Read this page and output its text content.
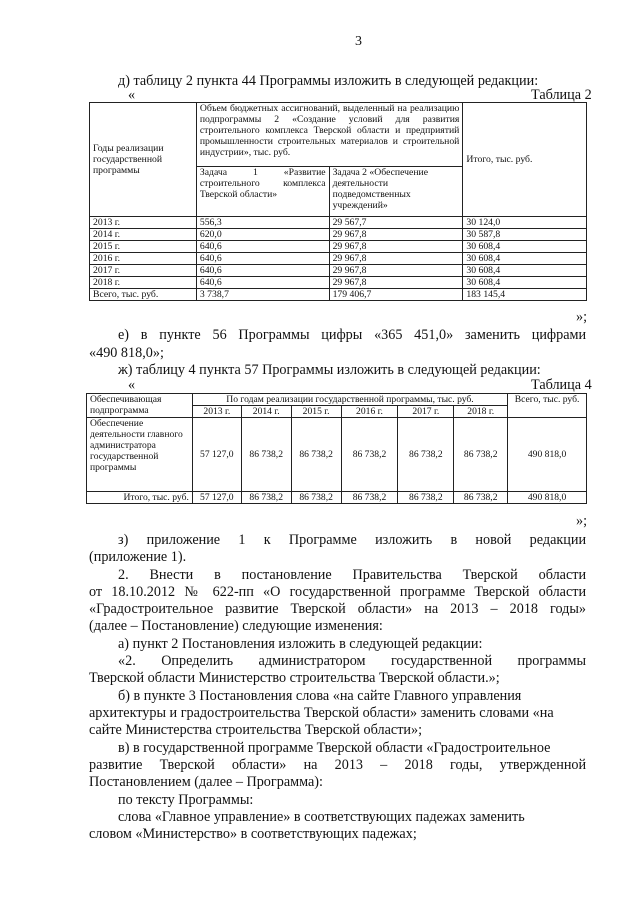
3
д) таблицу 2 пункта 44 Программы изложить в следующей редакции:
«	Таблица 2
Годы реализации государственной программы	Объем бюджетных ассигнований, выделенный на реализацию подпрограммы 2 «Создание условий для развития строительного комплекса Тверской области и предприятий промышленности строительных материалов и строительной индустрии», тыс. руб.		Итого, тыс. руб.
	Задача 1 «Развитие строительного комплекса Тверской области»	Задача 2 «Обеспечение деятельности подведомственных учреждений»	
2013 г.	556,3	29 567,7	30 124,0
2014 г.	620,0	29 967,8	30 587,8
2015 г.	640,6	29 967,8	30 608,4
2016 г.	640,6	29 967,8	30 608,4
2017 г.	640,6	29 967,8	30 608,4
2018 г.	640,6	29 967,8	30 608,4
Всего, тыс. руб.	3 738,7	179 406,7	183 145,4
»;
е) в пункте 56 Программы цифры «365 451,0» заменить цифрами
«490 818,0»;
ж) таблицу 4 пункта 57 Программы изложить в следующей редакции:
«	Таблица 4
Обеспечивающая подпрограмма	По годам реализации государственной программы, тыс. руб.						Всего, тыс. руб.
	2013 г.	2014 г.	2015 г.	2016 г.	2017 г.	2018 г.	
Обеспечение деятельности главного администратора государственной программы	57 127,0	86 738,2	86 738,2	86 738,2	86 738,2	86 738,2	490 818,0
Итого, тыс. руб.	57 127,0	86 738,2	86 738,2	86 738,2	86 738,2	86 738,2	490 818,0
»;
з) приложение 1 к Программе изложить в новой редакции
(приложение 1).
2. Внести в постановление Правительства Тверской области
от 18.10.2012 № 622-пп «О государственной программе Тверской области
«Градостроительное развитие Тверской области» на 2013 – 2018 годы»
(далее – Постановление) следующие изменения:
а) пункт 2 Постановления изложить в следующей редакции:
«2. Определить администратором государственной программы
Тверской области Министерство строительства Тверской области.»;
б) в пункте 3 Постановления слова «на сайте Главного управления
архитектуры и градостроительства Тверской области» заменить словами «на
сайте Министерства строительства Тверской области»;
в) в государственной программе Тверской области «Градостроительное
развитие Тверской области» на 2013 – 2018 годы, утвержденной
Постановлением (далее – Программа):
по тексту Программы:
слова «Главное управление» в соответствующих падежах заменить
словом «Министерство» в соответствующих падежах;
